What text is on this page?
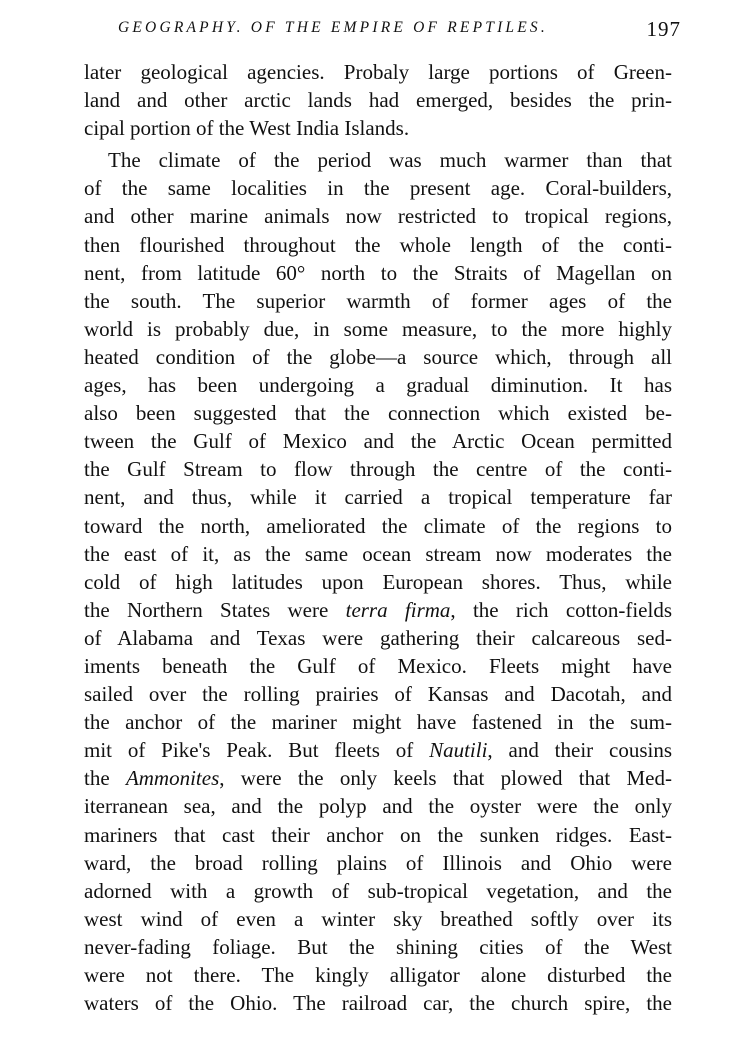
GEOGRAPHY. OF THE EMPIRE OF REPTILES.	197
later geological agencies. Probaly large portions of Green-
land and other arctic lands had emerged, besides the prin-
cipal portion of the West India Islands.
The climate of the period was much warmer than that
of the same localities in the present age. Coral-builders,
and other marine animals now restricted to tropical regions,
then flourished throughout the whole length of the conti-
nent, from latitude 60° north to the Straits of Magellan on
the south. The superior warmth of former ages of the
world is probably due, in some measure, to the more highly
heated condition of the globe—a source which, through all
ages, has been undergoing a gradual diminution. It has
also been suggested that the connection which existed be-
tween the Gulf of Mexico and the Arctic Ocean permitted
the Gulf Stream to flow through the centre of the conti-
nent, and thus, while it carried a tropical temperature far
toward the north, ameliorated the climate of the regions to
the east of it, as the same ocean stream now moderates the
cold of high latitudes upon European shores. Thus, while
the Northern States were terra firma, the rich cotton-fields
of Alabama and Texas were gathering their calcareous sed-
iments beneath the Gulf of Mexico. Fleets might have
sailed over the rolling prairies of Kansas and Dacotah, and
the anchor of the mariner might have fastened in the sum-
mit of Pike's Peak. But fleets of Nautili, and their cousins
the Ammonites, were the only keels that plowed that Med-
iterranean sea, and the polyp and the oyster were the only
mariners that cast their anchor on the sunken ridges. East-
ward, the broad rolling plains of Illinois and Ohio were
adorned with a growth of sub-tropical vegetation, and the
west wind of even a winter sky breathed softly over its
never-fading foliage. But the shining cities of the West
were not there. The kingly alligator alone disturbed the
waters of the Ohio. The railroad car, the church spire, the
